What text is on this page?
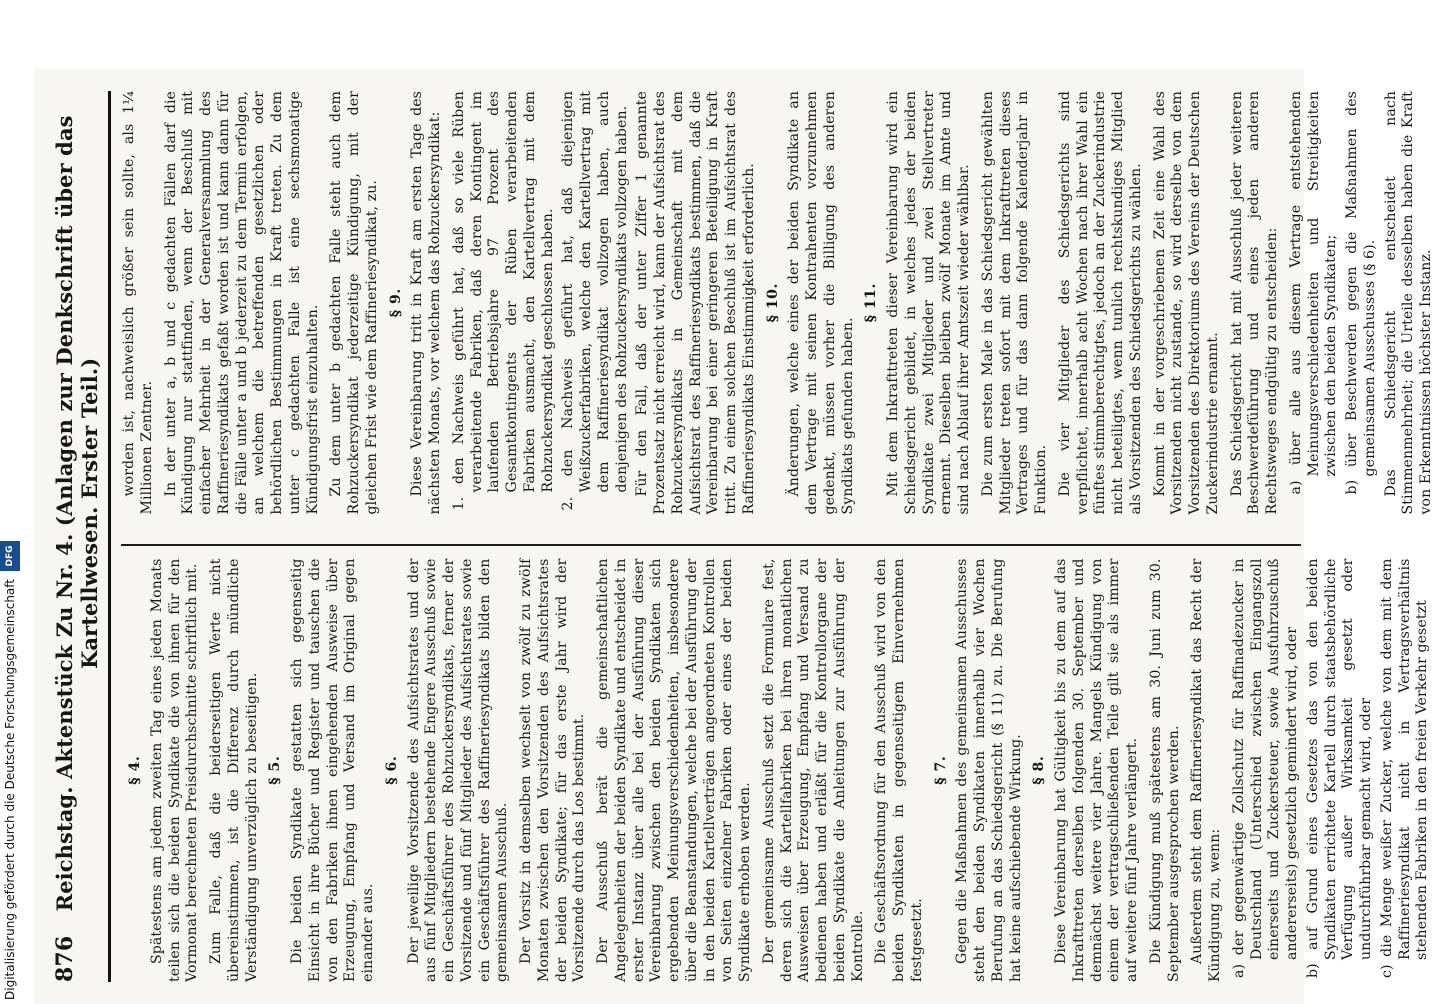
876
Reichstag. Aktenstück Zu Nr. 4. (Anlagen zur Denkschrift über das Kartellwesen. Erster Teil.)
§ 4. Spätestens am jedem zweiten Tag eines jeden Monats teilen sich die beiden Syndikate die von ihnen für den Vormonat berechneten Preisdurchschnitte schriftlich mit. Zum Falle, daß die beiderseitigen Werte nicht übereinstimmen, ist die Differenz durch mündliche Verständigung unverzüglich zu beseitigen. § 5. Die beiden Syndikate gestatten sich gegenseitig Einsicht in ihre Bücher und Register und tauschen die von den Fabriken ihnen eingehenden Ausweise über Erzeugung, Empfang und Versand im Original gegen einander aus.
§ 6. Der jeweilige Vorsitzende des Aufsichtsrates und der aus fünf Mitgliedern bestehende Engere Ausschuß sowie ein Geschäftsführer des Rohzuckersyndikats, ferner der Vorsitzende und fünf Mitglieder des Aufsichtsrates sowie ein Geschäftsführer des Raffineriesyndikats bilden den gemeinsamen Ausschuß. Der Vorsitz in demselben wechselt von zwölf zu zwölf Monaten zwischen den Vorsitzenden des Aufsichtsrates der beiden Syndikate; für das erste Jahr wird der Vorsitzende durch das Los bestimmt. Der Ausschuß berät die gemeinschaftlichen Angelegenheiten der beiden Syndikate und entscheidet in erster Instanz über alle bei der Ausführung dieser Vereinbarung zwischen den beiden Syndikaten sich ergebenden Meinungsverschiedenheiten, insbesondere über die Beanstandungen, welche bei der Ausführung der in den beiden Kartellverträgen angeordneten Kontrollen von Seiten einzelner Fabriken oder eines der beiden Syndikate erhoben werden. Der gemeinsame Ausschuß setzt die Formulare fest, deren sich die Kartellfabriken bei ihren monatlichen Ausweisen über Erzeugung, Empfang und Versand zu bedienen haben und erläßt für die Kontrollorgane der beiden Syndikate die Anleitungen zur Ausführung der Kontrolle. Die Geschäftsordnung für den Ausschuß wird von den beiden Syndikaten in gegenseitigem Einvernehmen festgesetzt.
§ 7. Gegen die Maßnahmen des gemeinsamen Ausschusses steht den beiden Syndikaten innerhalb vier Wochen Berufung an das Schiedsgericht (§ 11) zu. Die Berufung hat keine aufschiebende Wirkung. § 8. Diese Vereinbarung hat Gültigkeit bis zu dem auf das Inkrafttreten derselben folgenden 30. September und demnächst weitere vier Jahre. Mangels Kündigung von einem der vertragschließenden Teile gilt sie als immer auf weitere fünf Jahre verlängert. Die Kündigung muß spätestens am 30. Juni zum 30. September ausgesprochen werden. Außerdem steht dem Raffineriesyndikat das Recht der Kündigung zu, wenn: a) der gegenwärtige Zollschutz für Raffinadezucker in Deutschland (Unterschied zwischen Eingangszoll einerseits und Zuckersteuer, sowie Ausfuhrzuschuß andererseits) gesetzlich gemindert wird, oder b) auf Grund eines Gesetzes das von den beiden Syndikaten errichtete Kartell durch staatsbehördliche Verfügung außer Wirksamkeit gesetzt oder undurchführbar gemacht wird, oder c) die Menge weißer Zucker, welche von dem mit dem Raffineriesyndikat nicht in Vertragsverhältnis stehenden Fabriken in den freien Verkehr gesetzt
worden ist, nachweislich größer sein sollte, als 1¼ Millionen Zentner. In der unter a, b und c gedachten Fällen darf die Kündigung nur stattfinden, wenn der Beschluß mit einfacher Mehrheit in der Generalversammlung des Raffineriesyndikats gefaßt worden ist und kann dann für die Fälle unter a und b jederzeit zu dem Termin erfolgen, an welchem die betreffenden gesetzlichen oder behördlichen Bestimmungen in Kraft treten. Zu dem unter c gedachten Falle ist eine sechsmonatige Kündigungsfrist einzuhalten. Zu dem unter b gedachten Falle steht auch dem Rohzuckersyndikat jederzeitige Kündigung, mit der gleichen Frist wie dem Raffineriesyndikat, zu. § 9. Diese Vereinbarung tritt in Kraft am ersten Tage des nächsten Monats, vor welchem das Rohzuckersyndikat: 1. den Nachweis geführt hat, daß so viele Rüben verarbeitende Fabriken, daß deren Kontingent im laufenden Betriebsjahre 97 Prozent des Gesamtkontingents der Rüben verarbeitenden Fabriken ausmacht, den Kartellvertrag mit dem Rohzuckersyndikat geschlossen haben. 2. den Nachweis geführt hat, daß diejenigen Weißzuckerfabriken, welche den Kartellvertrag mit dem Raffineriesyndikat vollzogen haben, auch denjenigen des Rohzuckersyndikats vollzogen haben. Für den Fall, daß der unter Ziffer 1 genannte Prozentsatz nicht erreicht wird, kann der Aufsichtsrat des Rohzuckersyndikats in Gemeinschaft mit dem Aufsichtsrat des Raffineriesyndikats bestimmen, daß die Vereinbarung bei einer geringeren Beteiligung in Kraft tritt. Zu einem solchen Beschluß ist im Aufsichtsrat des Raffineriesyndikats Einstimmigkeit erforderlich. § 10. Änderungen, welche eines der beiden Syndikate an dem Vertrage mit seinen Kontrahenten vorzunehmen gedenkt, müssen vorher die Billigung des anderen Syndikats gefunden haben.
§ 11. Mit dem Inkrafttreten dieser Vereinbarung wird ein Schiedsgericht gebildet, in welches jedes der beiden Syndikate zwei Mitglieder und zwei Stellvertreter ernennt. Dieselben bleiben zwölf Monate im Amte und sind nach Ablauf ihrer Amtszeit wieder wählbar. Die zum ersten Male in das Schiedsgericht gewählten Mitglieder treten sofort mit dem Inkrafttreten dieses Vertrages und für das dann folgende Kalenderjahr in Funktion. Die vier Mitglieder des Schiedsgerichts sind verpflichtet, innerhalb acht Wochen nach ihrer Wahl ein fünftes stimmberechtigtes, jedoch an der Zuckerindustrie nicht beteiligtes, wenn tunlich rechtskundiges Mitglied als Vorsitzenden des Schiedsgerichts zu wählen. Kommt in der vorgeschriebenen Zeit eine Wahl des Vorsitzenden nicht zustande, so wird derselbe von dem Vorsitzenden des Direktoriums des Vereins der Deutschen Zuckerindustrie ernannt. Das Schiedsgericht hat mit Ausschluß jeder weiteren Beschwerdeführung und eines jeden anderen Rechtsweges endgültig zu entscheiden: a) über alle aus diesem Vertrage entstehenden Meinungsverschiedenheiten und Streitigkeiten zwischen den beiden Syndikaten; b) über Beschwerden gegen die Maßnahmen des gemeinsamen Ausschusses (§ 6). Das Schiedsgericht entscheidet nach Stimmenmehrheit; die Urteile desselben haben die Kraft von Erkenntnissen höchster Instanz.
Digitalisierung gefördert durch die Deutsche Forschungsgemeinschaft
DFG
